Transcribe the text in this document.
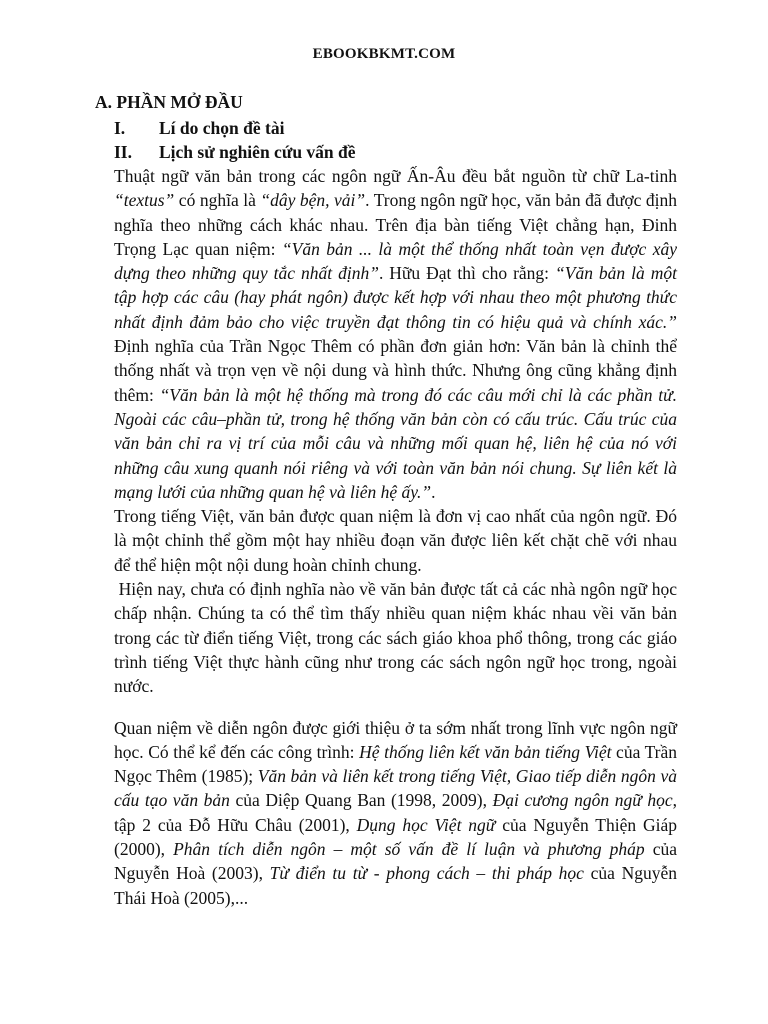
EBOOKBKMT.COM
A. PHẦN MỞ ĐẦU
I. Lí do chọn đề tài
II. Lịch sử nghiên cứu vấn đề

Thuật ngữ văn bản trong các ngôn ngữ Ấn-Âu đều bắt nguồn từ chữ La-tinh “textus” có nghĩa là “dây bện, vải”. Trong ngôn ngữ học, văn bản đã được định nghĩa theo những cách khác nhau. Trên địa bàn tiếng Việt chẳng hạn, Đinh Trọng Lạc quan niệm: “Văn bản ... là một thể thống nhất toàn vẹn được xây dựng theo những quy tắc nhất định”. Hữu Đạt thì cho rằng: “Văn bản là một tập hợp các câu (hay phát ngôn) được kết hợp với nhau theo một phương thức nhất định đảm bảo cho việc truyền đạt thông tin có hiệu quả và chính xác.” Định nghĩa của Trần Ngọc Thêm có phần đơn giản hơn: Văn bản là chỉnh thể thống nhất và trọn vẹn về nội dung và hình thức. Nhưng ông cũng khẳng định thêm: “Văn bản là một hệ thống mà trong đó các câu mới chỉ là các phần tử. Ngoài các câu–phần tử, trong hệ thống văn bản còn có cấu trúc. Cấu trúc của văn bản chỉ ra vị trí của mỗi câu và những mối quan hệ, liên hệ của nó với những câu xung quanh nói riêng và với toàn văn bản nói chung. Sự liên kết là mạng lưới của những quan hệ và liên hệ ấy.”.

Trong tiếng Việt, văn bản được quan niệm là đơn vị cao nhất của ngôn ngữ. Đó là một chỉnh thể gồm một hay nhiều đoạn văn được liên kết chặt chẽ với nhau để thể hiện một nội dung hoàn chỉnh chung.

Hiện nay, chưa có định nghĩa nào về văn bản được tất cả các nhà ngôn ngữ học chấp nhận. Chúng ta có thể tìm thấy nhiều quan niệm khác nhau vềi văn bản trong các từ điển tiếng Việt, trong các sách giáo khoa phổ thông, trong các giáo trình tiếng Việt thực hành cũng như trong các sách ngôn ngữ học trong, ngoài nước.

Quan niệm về diễn ngôn được giới thiệu ở ta sớm nhất trong lĩnh vực ngôn ngữ học. Có thể kể đến các công trình: Hệ thống liên kết văn bản tiếng Việt của Trần Ngọc Thêm (1985); Văn bản và liên kết trong tiếng Việt, Giao tiếp diễn ngôn và cấu tạo văn bản của Diệp Quang Ban (1998, 2009), Đại cương ngôn ngữ học, tập 2 của Đỗ Hữu Châu (2001), Dụng học Việt ngữ của Nguyễn Thiện Giáp (2000), Phân tích diễn ngôn – một số vấn đề lí luận và phương pháp của Nguyễn Hoà (2003), Từ điển tu từ - phong cách – thi pháp học của Nguyễn Thái Hoà (2005),...
